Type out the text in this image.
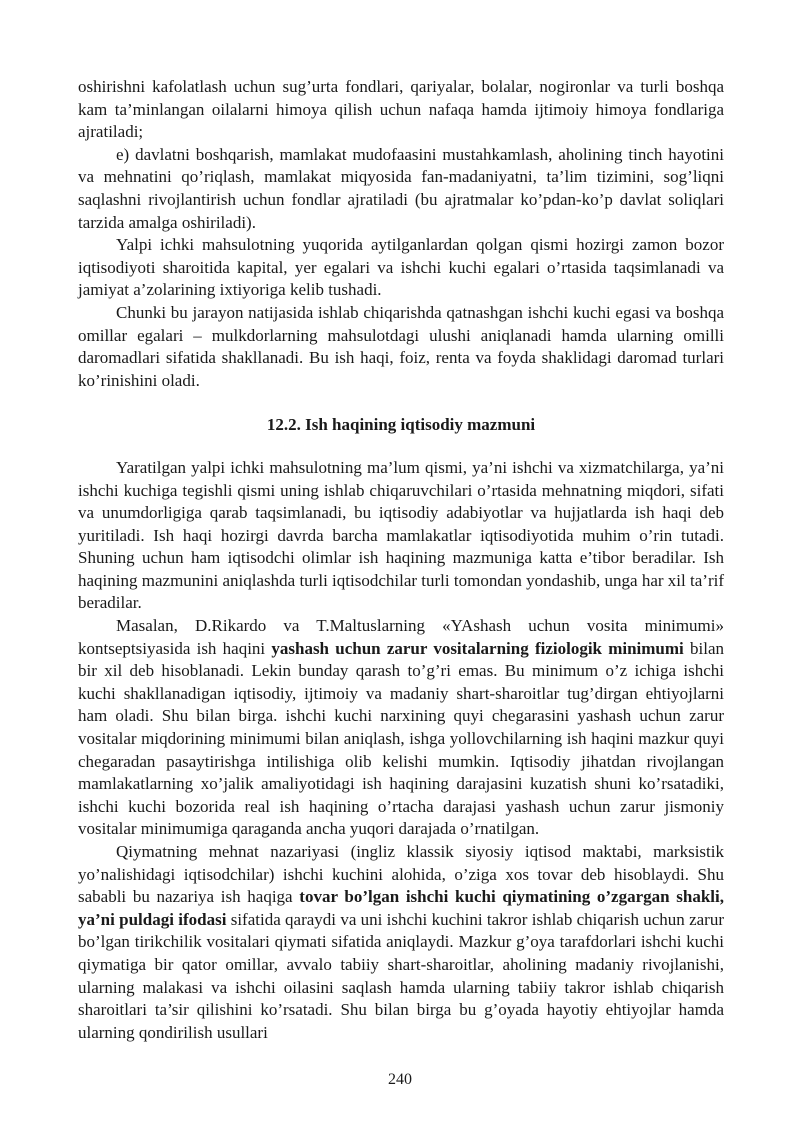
oshirishni kafolatlash uchun sug’urta fondlari, qariyalar, bolalar, nogironlar va turli boshqa kam ta’minlangan oilalarni himoya qilish uchun nafaqa hamda ijtimoiy himoya fondlariga ajratiladi;

e) davlatni boshqarish, mamlakat mudofaasini mustahkamlash, aholining tinch hayotini va mehnatini qo’riqlash, mamlakat miqyosida fan-madaniyatni, ta’lim tizimini, sog’liqni saqlashni rivojlantirish uchun fondlar ajratiladi (bu ajratmalar ko’pdan-ko’p davlat soliqlari tarzida amalga oshiriladi).

Yalpi ichki mahsulotning yuqorida aytilganlardan qolgan qismi hozirgi zamon bozor iqtisodiyoti sharoitida kapital, yer egalari va ishchi kuchi egalari o’rtasida taqsimlanadi va jamiyat a’zolarining ixtiyoriga kelib tushadi.

Chunki bu jarayon natijasida ishlab chiqarishda qatnashgan ishchi kuchi egasi va boshqa omillar egalari – mulkdorlarning mahsulotdagi ulushi aniqlanadi hamda ularning omilli daromadlari sifatida shakllanadi. Bu ish haqi, foiz, renta va foyda shaklidagi daromad turlari ko’rinishini oladi.

12.2. Ish haqining iqtisodiy mazmuni

Yaratilgan yalpi ichki mahsulotning ma’lum qismi, ya’ni ishchi va xizmatchilarga, ya’ni ishchi kuchiga tegishli qismi uning ishlab chiqaruvchilari o’rtasida mehnatning miqdori, sifati va unumdorligiga qarab taqsimlanadi, bu iqtisodiy adabiyotlar va hujjatlarda ish haqi deb yuritiladi. Ish haqi hozirgi davrda barcha mamlakatlar iqtisodiyotida muhim o’rin tutadi. Shuning uchun ham iqtisodchi olimlar ish haqining mazmuniga katta e’tibor beradilar. Ish haqining mazmunini aniqlashda turli iqtisodchilar turli tomondan yondashib, unga har xil ta’rif beradilar.

Masalan, D.Rikardo va T.Maltuslarning «YAshash uchun vosita minimumi» kontseptsiyasida ish haqini yashash uchun zarur vositalarning fiziologik minimumi bilan bir xil deb hisoblanadi. Lekin bunday qarash to’g’ri emas. Bu minimum o’z ichiga ishchi kuchi shakllanadigan iqtisodiy, ijtimoiy va madaniy shart-sharoitlar tug’dirgan ehtiyojlarni ham oladi. Shu bilan birga. ishchi kuchi narxining quyi chegarasini yashash uchun zarur vositalar miqdorining minimumi bilan aniqlash, ishga yollovchilarning ish haqini mazkur quyi chegaradan pasaytirishga intilishiga olib kelishi mumkin. Iqtisodiy jihatdan rivojlangan mamlakatlarning xo’jalik amaliyotidagi ish haqining darajasini kuzatish shuni ko’rsatadiki, ishchi kuchi bozorida real ish haqining o’rtacha darajasi yashash uchun zarur jismoniy vositalar minimumiga qaraganda ancha yuqori darajada o’rnatilgan.

Qiymatning mehnat nazariyasi (ingliz klassik siyosiy iqtisod maktabi, marksistik yo’nalishidagi iqtisodchilar) ishchi kuchini alohida, o’ziga xos tovar deb hisoblaydi. Shu sababli bu nazariya ish haqiga tovar bo’lgan ishchi kuchi qiymatining o’zgargan shakli, ya’ni puldagi ifodasi sifatida qaraydi va uni ishchi kuchini takror ishlab chiqarish uchun zarur bo’lgan tirikchilik vositalari qiymati sifatida aniqlaydi. Mazkur g’oya tarafdorlari ishchi kuchi qiymatiga bir qator omillar, avvalo tabiiy shart-sharoitlar, aholining madaniy rivojlanishi, ularning malakasi va ishchi oilasini saqlash hamda ularning tabiiy takror ishlab chiqarish sharoitlari ta’sir qilishini ko’rsatadi. Shu bilan birga bu g’oyada hayotiy ehtiyojlar hamda ularning qondirilish usullari

240
